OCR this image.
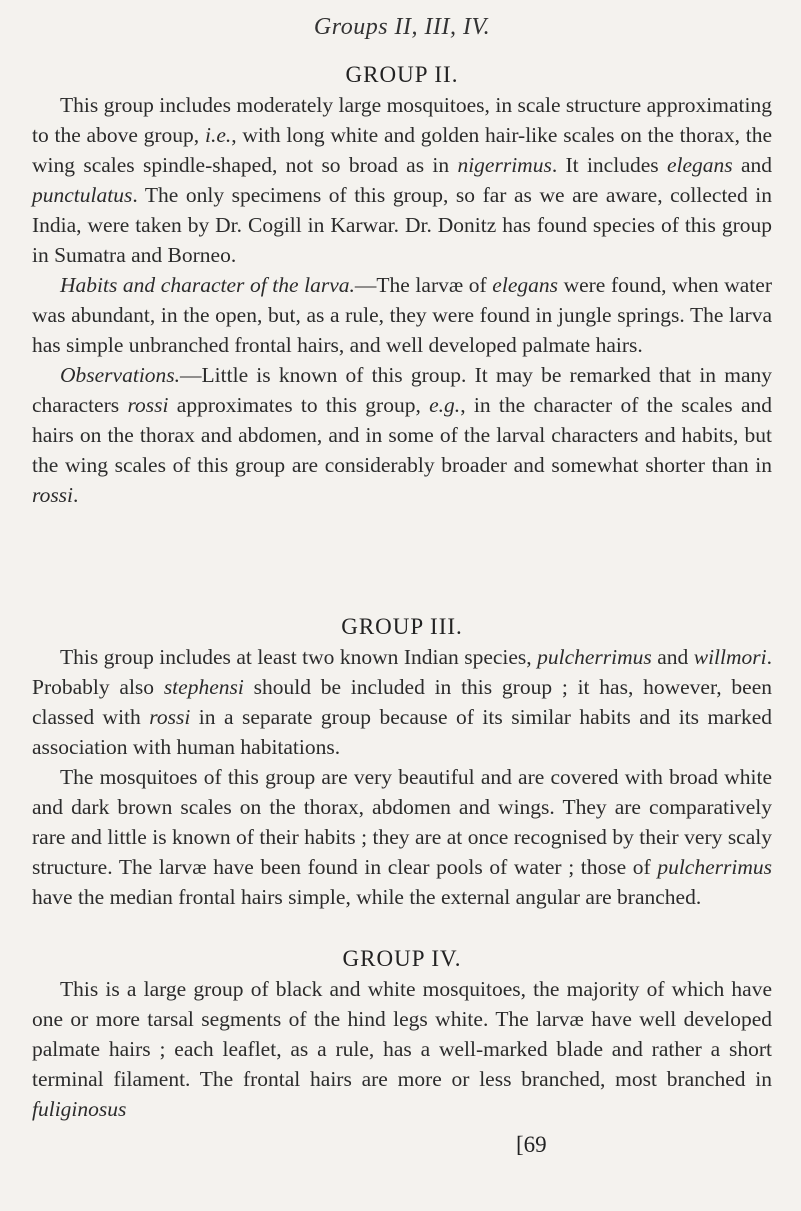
Groups II, III, IV.
GROUP II.

This group includes moderately large mosquitoes, in scale structure approximating to the above group, i.e., with long white and golden hair-like scales on the thorax, the wing scales spindle-shaped, not so broad as in nigerrimus. It includes elegans and punctulatus. The only specimens of this group, so far as we are aware, collected in India, were taken by Dr. Cogill in Karwar. Dr. Donitz has found species of this group in Sumatra and Borneo.

Habits and character of the larva.—The larvæ of elegans were found, when water was abundant, in the open, but, as a rule, they were found in jungle springs. The larva has simple unbranched frontal hairs, and well developed palmate hairs.

Observations.—Little is known of this group. It may be remarked that in many characters rossi approximates to this group, e.g., in the character of the scales and hairs on the thorax and abdomen, and in some of the larval characters and habits, but the wing scales of this group are considerably broader and somewhat shorter than in rossi.

GROUP III.

This group includes at least two known Indian species, pulcherrimus and willmori. Probably also stephensi should be included in this group ; it has, however, been classed with rossi in a separate group because of its similar habits and its marked association with human habitations.

The mosquitoes of this group are very beautiful and are covered with broad white and dark brown scales on the thorax, abdomen and wings. They are comparatively rare and little is known of their habits ; they are at once recognised by their very scaly structure. The larvæ have been found in clear pools of water ; those of pulcherrimus have the median frontal hairs simple, while the external angular are branched.

GROUP IV.

This is a large group of black and white mosquitoes, the majority of which have one or more tarsal segments of the hind legs white. The larvæ have well developed palmate hairs ; each leaflet, as a rule, has a well-marked blade and rather a short terminal filament. The frontal hairs are more or less branched, most branched in fuliginosus

[69
